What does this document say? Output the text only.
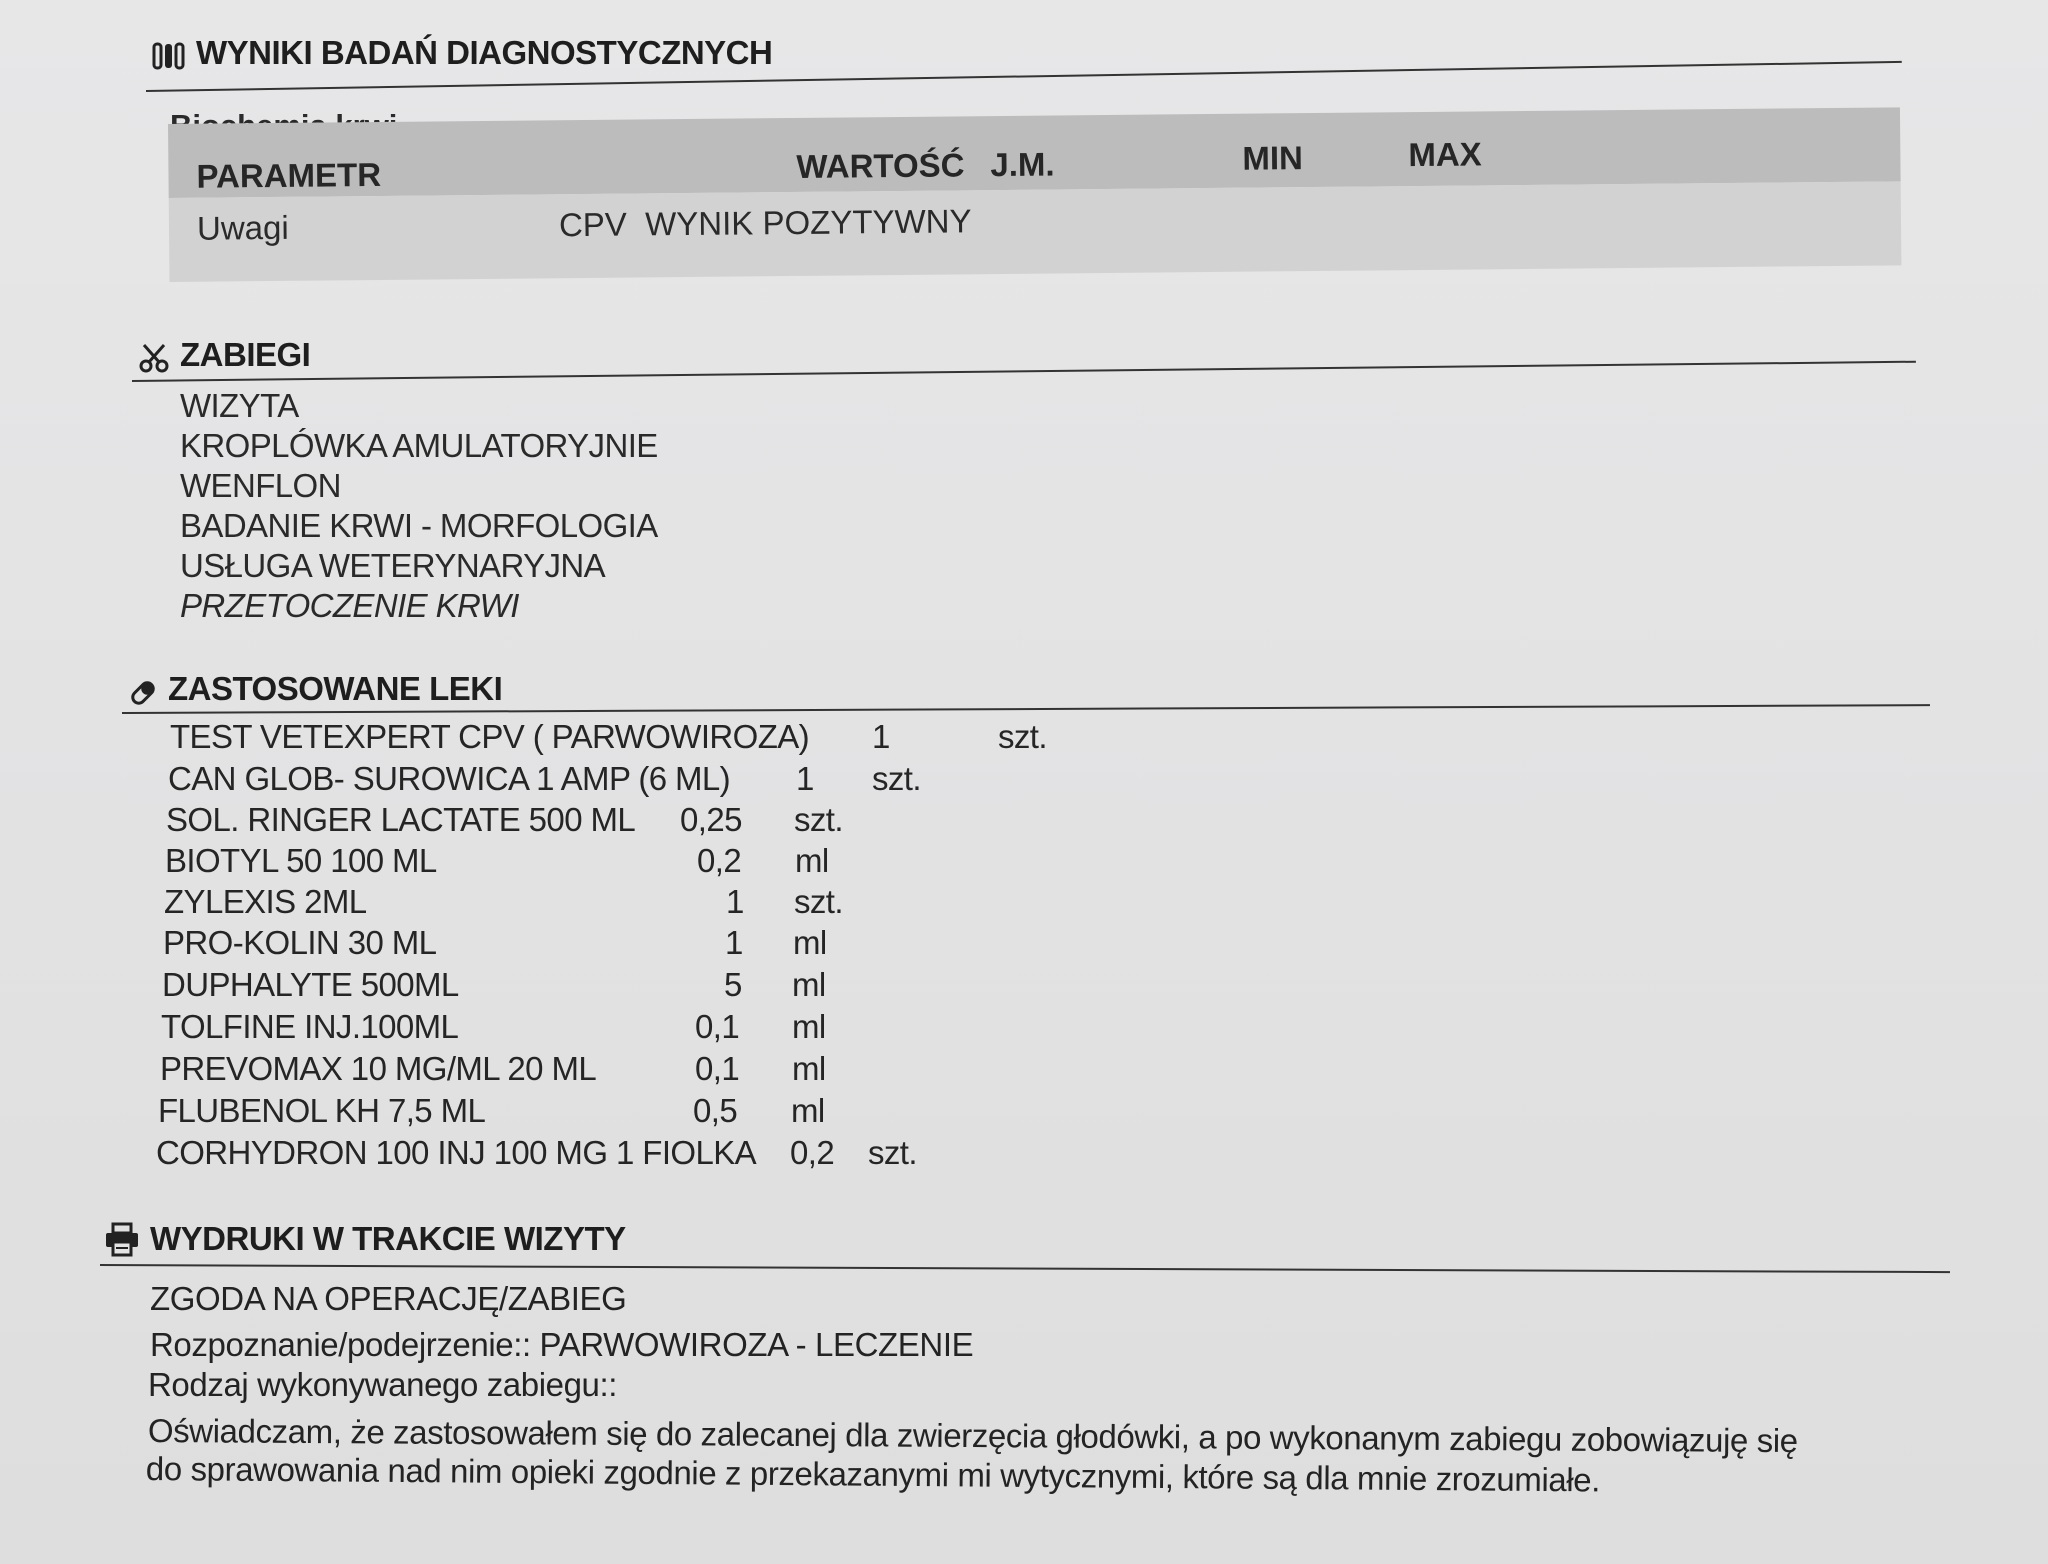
WYNIKI BADAŃ DIAGNOSTYCZNYCH
PARAMETR	WARTOŚĆ J.M.	MIN	MAX
Uwagi	CPV  WYNIK POZYTYWNY
ZABIEGI
WIZYTA
KROPLÓWKA AMULATORYJNIE
WENFLON
BADANIE KRWI - MORFOLOGIA
USŁUGA WETERYNARYJNA
PRZETOCZENIE KRWI
ZASTOSOWANE LEKI
TEST VETEXPERT CPV ( PARWOWIROZA) 1	szt.
CAN GLOB- SUROWICA 1 AMP (6 ML) 1 szt.
SOL. RINGER LACTATE 500 ML 0,25 szt.
BIOTYL 50 100 ML	0,2 ml
ZYLEXIS 2ML	1 szt.
PRO-KOLIN 30 ML	1 ml
DUPHALYTE 500ML	5 ml
TOLFINE INJ.100ML	0,1 ml
PREVOMAX 10 MG/ML 20 ML	0,1 ml
FLUBENOL KH 7,5 ML	0,5 ml
CORHYDRON 100 INJ 100 MG 1 FIOLKA 0,2 szt.
WYDRUKI W TRAKCIE WIZYTY
ZGODA NA OPERACJĘ/ZABIEG
Rozpoznanie/podejrzenie:: PARWOWIROZA - LECZENIE
Rodzaj wykonywanego zabiegu::
Oświadczam, że zastosowałem się do zalecanej dla zwierzęcia głodówki, a po wykonanym zabiegu zobowiązuję się
do sprawowania nad nim opieki zgodnie z przekazanymi mi wytycznymi, które są dla mnie zrozumiałe.
